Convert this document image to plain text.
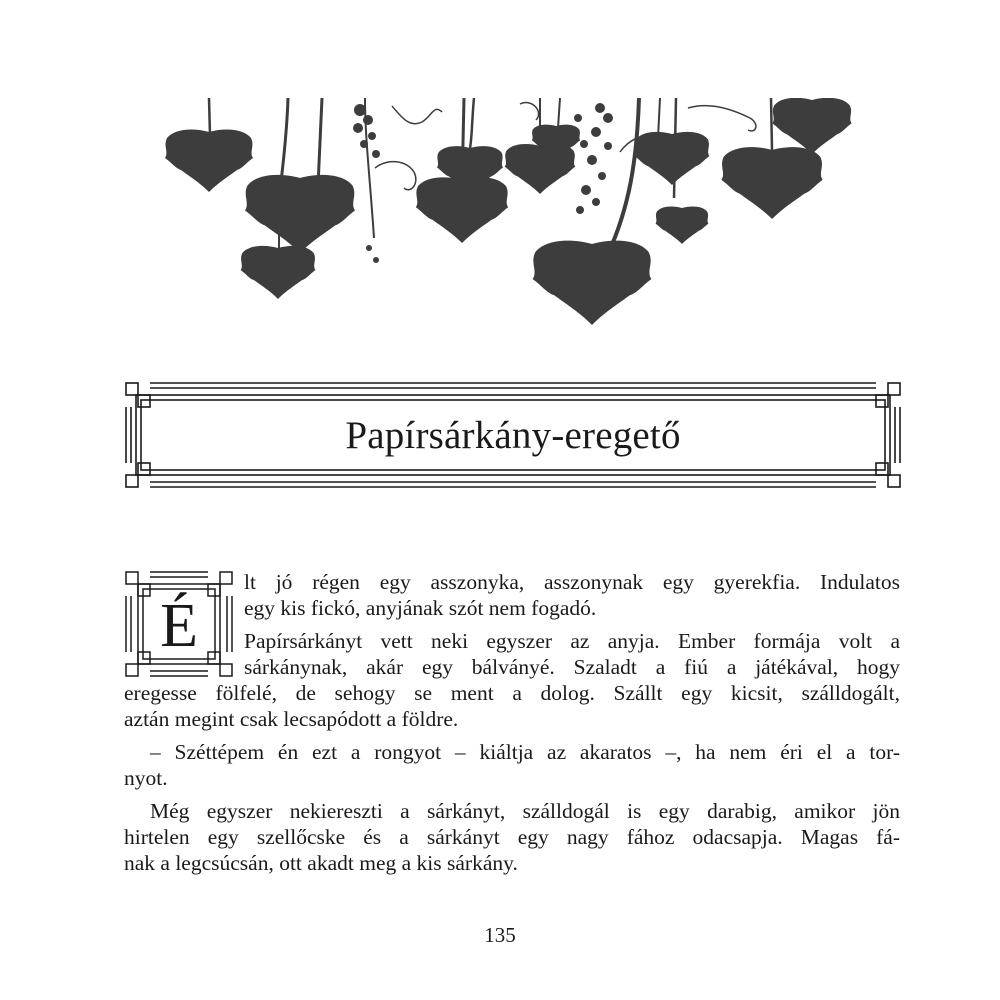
Papírsárkány-eregető
É
lt jó régen egy asszonyka, asszonynak egy gyerekfia. Indulatos
egy kis fickó, anyjának szót nem fogadó.
Papírsárkányt vett neki egyszer az anyja. Ember formája volt a
sárkánynak, akár egy bálványé. Szaladt a fiú a játékával, hogy
eregesse fölfelé, de sehogy se ment a dolog. Szállt egy kicsit, szálldogált,
aztán megint csak lecsapódott a földre.
– Széttépem én ezt a rongyot – kiáltja az akaratos –, ha nem éri el a tor-
nyot.
Még egyszer nekiereszti a sárkányt, szálldogál is egy darabig, amikor jön
hirtelen egy szellőcske és a sárkányt egy nagy fához odacsapja. Magas fá-
nak a legcsúcsán, ott akadt meg a kis sárkány.
135
